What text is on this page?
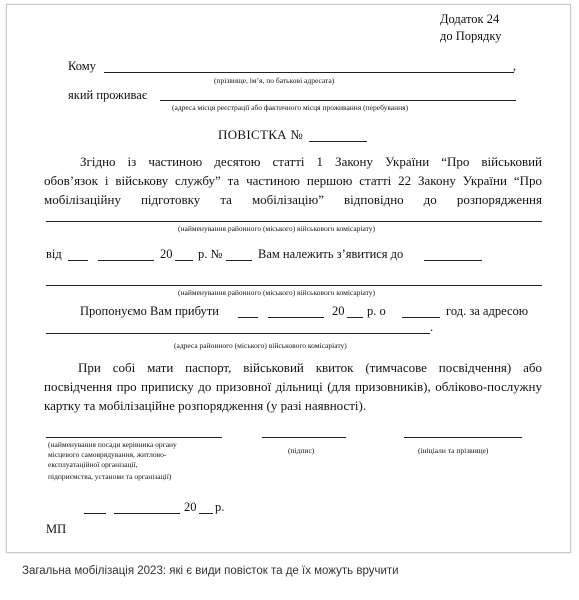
Додаток 24
до Порядку
Кому	,
(прізвище, ім’я, по батькові адресата)
який проживає
(адреса місця реєстрації або фактичного місця проживання (перебування)
ПОВІСТКА №
Згідно із частиною десятою статті 1 Закону України “Про військовий
обов’язок і військову службу” та частиною першою статті 22 Закону України “Про
мобілізаційну підготовку та мобілізацію” відповідно до розпорядження
(найменування районного (міського) військового комісаріату)
від	20 р. №	Вам належить з’явитися до
(найменування районного (міського) військового комісаріату)
Пропонуємо Вам прибути	20 р. о	год. за адресою
.
(адреса районного (міського) військового комісаріату)
При собі мати паспорт, військовий квиток (тимчасове посвідчення) або посвідчення про приписку до призовної дільниці (для призовників), обліково-послужну картку та мобілізаційне розпорядження (у разі наявності).
(найменування посади керівника органу
місцевого самоврядування, житлово-
експлуатаційної організації,
підприємства, установи та організації)
(підпис)	(ініціали та прізвище)
20 р.
МП
Загальна мобілізація 2023: які є види повісток та де їх можуть вручити
